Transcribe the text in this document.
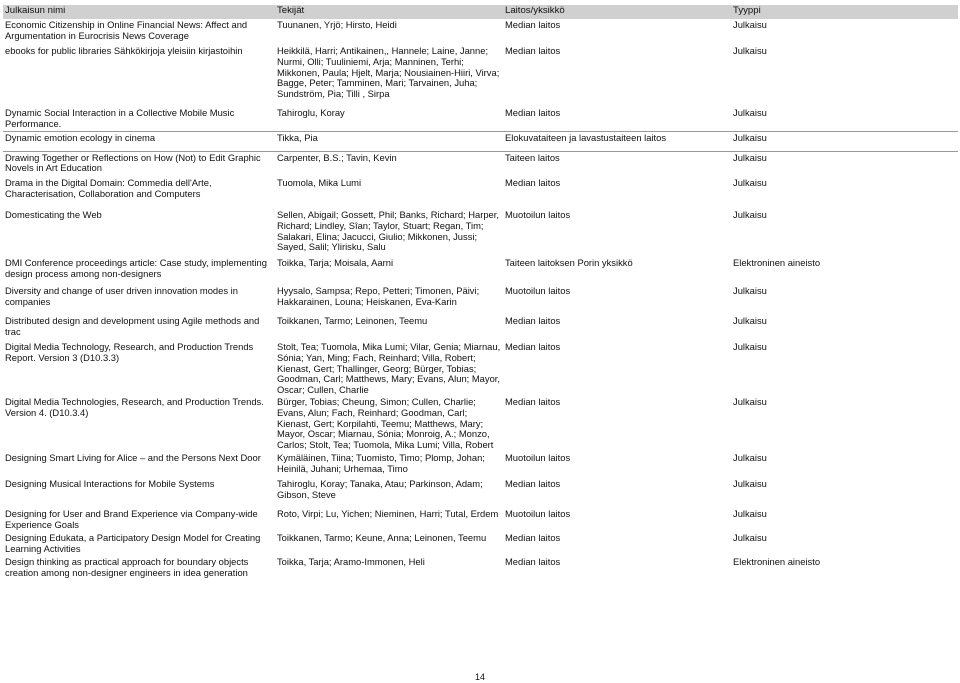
Julkaisun nimi	Tekijät	Laitos/yksikkö	Tyyppi
Economic Citizenship in Online Financial News: Affect and Argumentation in Eurocrisis News Coverage	Tuunanen, Yrjö; Hirsto, Heidi	Median laitos	Julkaisu
ebooks for public libraries Sähkökirjoja yleisiin kirjastoihin	Heikkilä, Harri; Antikainen,, Hannele; Laine, Janne; Nurmi, Olli; Tuuliniemi, Arja; Manninen, Terhi; Mikkonen, Paula; Hjelt, Marja; Nousiainen-Hiiri, Virva; Bagge, Peter; Tamminen, Mari; Tarvainen, Juha; Sundström, Pia; Tilli , Sirpa	Median laitos	Julkaisu
Dynamic Social Interaction in a Collective Mobile Music Performance.	Tahiroglu, Koray	Median laitos	Julkaisu
Dynamic emotion ecology in cinema	Tikka, Pia	Elokuvataiteen ja lavastustaiteen laitos	Julkaisu
Drawing Together or Reflections on How (Not) to Edit Graphic Novels in Art Education	Carpenter, B.S.; Tavin, Kevin	Taiteen laitos	Julkaisu
Drama in the Digital Domain: Commedia dell'Arte, Characterisation, Collaboration and Computers	Tuomola, Mika Lumi	Median laitos	Julkaisu
Domesticating the Web	Sellen, Abigail; Gossett, Phil; Banks, Richard; Harper, Richard; Lindley, Sîan; Taylor, Stuart; Regan, Tim; Salakari, Elina; Jacucci, Giulio; Mikkonen, Jussi; Sayed, Salil; Ylirisku, Salu	Muotoilun laitos	Julkaisu
DMI Conference proceedings article: Case study, implementing design process among non-designers	Toikka, Tarja; Moisala, Aarni	Taiteen laitoksen Porin yksikkö	Elektroninen aineisto
Diversity and change of user driven innovation modes in companies	Hyysalo, Sampsa; Repo, Petteri; Timonen, Päivi; Hakkarainen, Louna; Heiskanen, Eva-Karin	Muotoilun laitos	Julkaisu
Distributed design and development using Agile methods and trac	Toikkanen, Tarmo; Leinonen, Teemu	Median laitos	Julkaisu
Digital Media Technology, Research, and Production Trends Report. Version 3 (D10.3.3)	Stolt, Tea; Tuomola, Mika Lumi; Vilar, Genia; Miarnau, Sónia; Yan, Ming; Fach, Reinhard; Villa, Robert; Kienast, Gert; Thallinger, Georg; Bürger, Tobias; Goodman, Carl; Matthews, Mary; Evans, Alun; Mayor, Oscar; Cullen, Charlie	Median laitos	Julkaisu
Digital Media Technologies, Research, and Production Trends. Version 4. (D10.3.4)	Bürger, Tobias; Cheung, Simon; Cullen, Charlie; Evans, Alun; Fach, Reinhard; Goodman, Carl; Kienast, Gert; Korpilahti, Teemu; Matthews, Mary; Mayor, Oscar; Miarnau, Sónia; Monroig, A.; Monzo, Carlos; Stolt, Tea; Tuomola, Mika Lumi; Villa, Robert	Median laitos	Julkaisu
Designing Smart Living for Alice – and the Persons Next Door	Kymäläinen, Tiina; Tuomisto, Timo; Plomp, Johan; Heinilä, Juhani; Urhemaa, Timo	Muotoilun laitos	Julkaisu
Designing Musical Interactions for Mobile Systems	Tahiroglu, Koray; Tanaka, Atau; Parkinson, Adam; Gibson, Steve	Median laitos	Julkaisu
Designing for User and Brand Experience via Company-wide Experience Goals	Roto, Virpi; Lu, Yichen; Nieminen, Harri; Tutal, Erdem	Muotoilun laitos	Julkaisu
Designing Edukata, a Participatory Design Model for Creating Learning Activities	Toikkanen, Tarmo; Keune, Anna; Leinonen, Teemu	Median laitos	Julkaisu
Design thinking as practical approach for boundary objects creation among non-designer engineers in idea generation	Toikka, Tarja; Aramo-Immonen, Heli	Median laitos	Elektroninen aineisto
14
